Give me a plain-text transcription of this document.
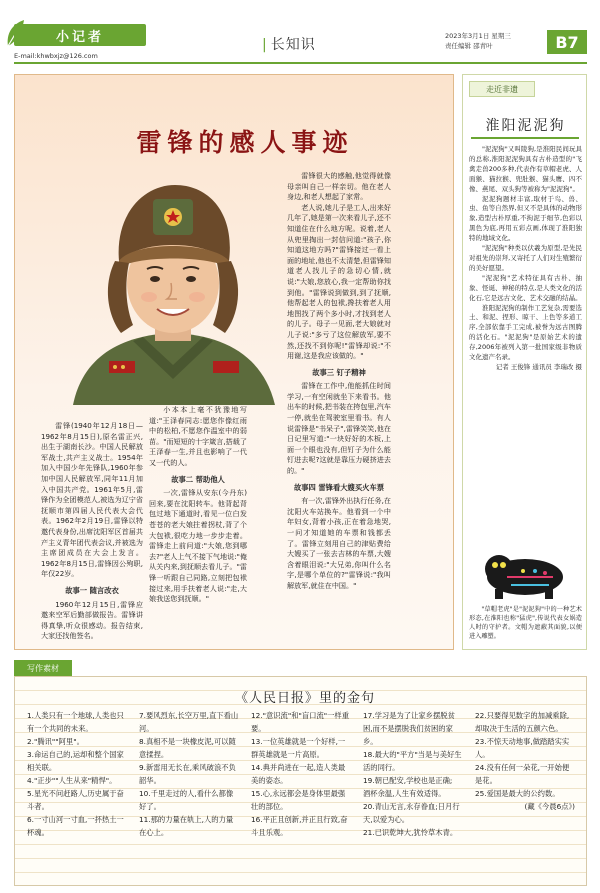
小记者
E-mail:khwbxjz@126.com
| 长知识
2023年3月1日 星期三
责任编辑 邵青叶	B7
雷锋的感人事迹

雷锋(1940年12月18日—1962年8月15日),原名雷正兴,出生于湖南长沙。中国人民解放军战士,共产主义战士。1954年加入中国少年先锋队,1960年参加中国人民解放军,同年11月加入中国共产党。1961年5月,雷锋作为全团模范人,被选为辽宁省抚顺市第四届人民代表大会代表。1962年2月19日,雷锋以特邀代表身份,出席沈阳军区首届共产主义青年团代表会议,并被选为主席团成员在大会上发言。1962年8月15日,雷锋因公殉职,年仅22岁。

故事一 随言改衣

1960年12月15日,雷锋应邀来空军后勤部做报告。雷锋讲得真挚,听众很感动。报告结束,大家还找他签名。

小本本上毫不犹豫地写道:"王泽春同志:愿您作像红雨中的松柏,不愿您作温室中的弱苗。"而短短的十字箴言,搭载了王泽春一生,并且也影响了一代又一代的人。

故事二 帮助他人

一次,雷锋从安东(今丹东)回来,要在沈阳转车。他背起背包过地下通道时,看见一位白发苍苍的老大娘拄着拐杖,背了个大包袱,很吃力地一步步走着。雷锋走上前问道:"大娘,您到哪去?"老人上气不接下气地说:"俺从关内来,到抚顺去看儿子。"雷锋一听跟自己同路,立刻把包袱接过来,用手扶着老人说:"走,大娘我送您到抚顺。"

雷锋很大的感触,他觉得就像母亲叫自己一样亲切。他在老人身边,和老人想起了家常。

老人说,她儿子是工人,出来好几年了,她是第一次来看儿子,还不知道住在什么地方呢。说着,老人从兜里掏出一封信问道:"孩子,你知道这地方吗?"雷锋接过一看上面的地址,他也不太清楚,但雷锋知道老人找儿子的急切心情,就说:"大娘,您放心,我一定帮助你找到他。"雷锋说到做到,到了抚顺,他帮起老人的包袱,搀扶着老人用地图找了两个多小时,才找到老人的儿子。母子一见面,老大娘就对儿子说:"多亏了这位解放军,要不然,还找不到你呢!"雷锋却说:"不用谢,这是我应该做的。"

故事三 钉子精神

雷锋在工作中,他能抓住时间学习,一有空闲就坐下来看书。他出车的时候,把书装在挎包里,汽车一停,就坐在驾驶室里看书。有人说雷锋是"书呆子",雷锋笑笑,他在日记里写道:"一块好好的木板,上面一个眼也没有,但钉子为什么能钉进去呢?这就是靠压力硬挤进去的。"

故事四 雷锋看大嫂买火车票

有一次,雷锋外出执行任务,在沈阳火车站换车。他看到一个中年妇女,背着小孩,正在着急地哭,一问才知道她的车票和钱都丢了。雷锋立刻用自己的津贴费给大嫂买了一张去吉林的车票,大嫂含着眼泪说:"大兄弟,你叫什么名字,是哪个单位的?"雷锋说:"我叫解放军,就住在中国。"

走近非遗
淮阳泥泥狗

"泥泥狗"又叫陵狗,是淮阳民间玩具的总称,淮阳泥泥狗具有古朴造型的"飞禽走兽200多种,代表作有草帽老虎、人面猴、猫拉猴、兜肚猴、猫头鹰、四不像、燕尾、双头狗等被称为"泥泥狗"。

泥泥狗题材丰富,取材于鸟、兽、虫、鱼等自然界,但又不是具体的动物形象,造型古朴厚重,不拘泥于细节,色彩以黑色为底,再用五彩点画,体现了淮阳独特的地域文化。

"泥泥狗"种类以伏羲为原型,是先民对祖先的崇拜,又寄托了人们对生殖繁衍的美好愿望。

"泥泥狗"艺术特征具有古朴、抽象、怪诞、神秘的特点,是人类文化的活化石,它是远古文化、艺术交融的结晶。

淮阳泥泥狗的制作工艺复杂,需要选土、和泥、捏形、晾干、上色等多道工序,全部依靠手工完成,被誉为远古图腾的活化石。"泥泥狗"是原始艺术的遗存,2006年被列入第一批国家级非物质文化遗产名录。

记者 王俊锋 通讯员 李瑞改 摄

"草帽老虎"是"泥泥狗"中的一种艺术形态,在淮阳也称"猛虎",传说代表女娲造人时的守护者。文帽为遮蔽其面貌,以便进入雕塑。
写作素材
《人民日报》里的金句
1.人类只有一个地球,人类也只有一个共同的未来。
2."腾讯""阿里"。
3.命运自己的,运却和整个国家相关联。
4."正步""人生从来"精悍"。
5.星光不问赶路人,历史属于奋斗者。
6.一寸山河一寸血,一抔热土一杯魂。
7.要风烈东,长空万里,直下看山河。
8.真相不是一块橡皮泥,可以随意揉捏。
9.新雷用无长在,乘风破浪不负韶华。
10.千里走过的人,看什么都像好了。
11.那的力量在轨上,人的力量在心上。
12."意识流"和"盲口流"一样重要。
13.一位英雄就是一个好样,一群英雄就是一片高原。
14.典并尚进在一起,造人类最美的姿态。
15.心,永远都会是身体里最强壮的部位。
16.平正且创新,并正且行致,奋斗且乐观。
17.学习是为了让家乡摆脱贫困,而不是摆脱我们贫困的家乡。
18.最大的"平方"当是与美好生活的同行。
19.朝已配安,学校也是正确;
酒杯余温,人生有效适得。
20.青山无言,永存眷血;日月行天,以爱为心。
21.已识乾坤大,犹怜草木青。
22.只要得见数字的加减乘除,却取决于生活的五颜六色。
23.不惊天动地事,做踏踏实实人。
24.没有任何一朵花,一开始便是花。
25.爱国是最大的公约数。
(藏《今晨6点》)
